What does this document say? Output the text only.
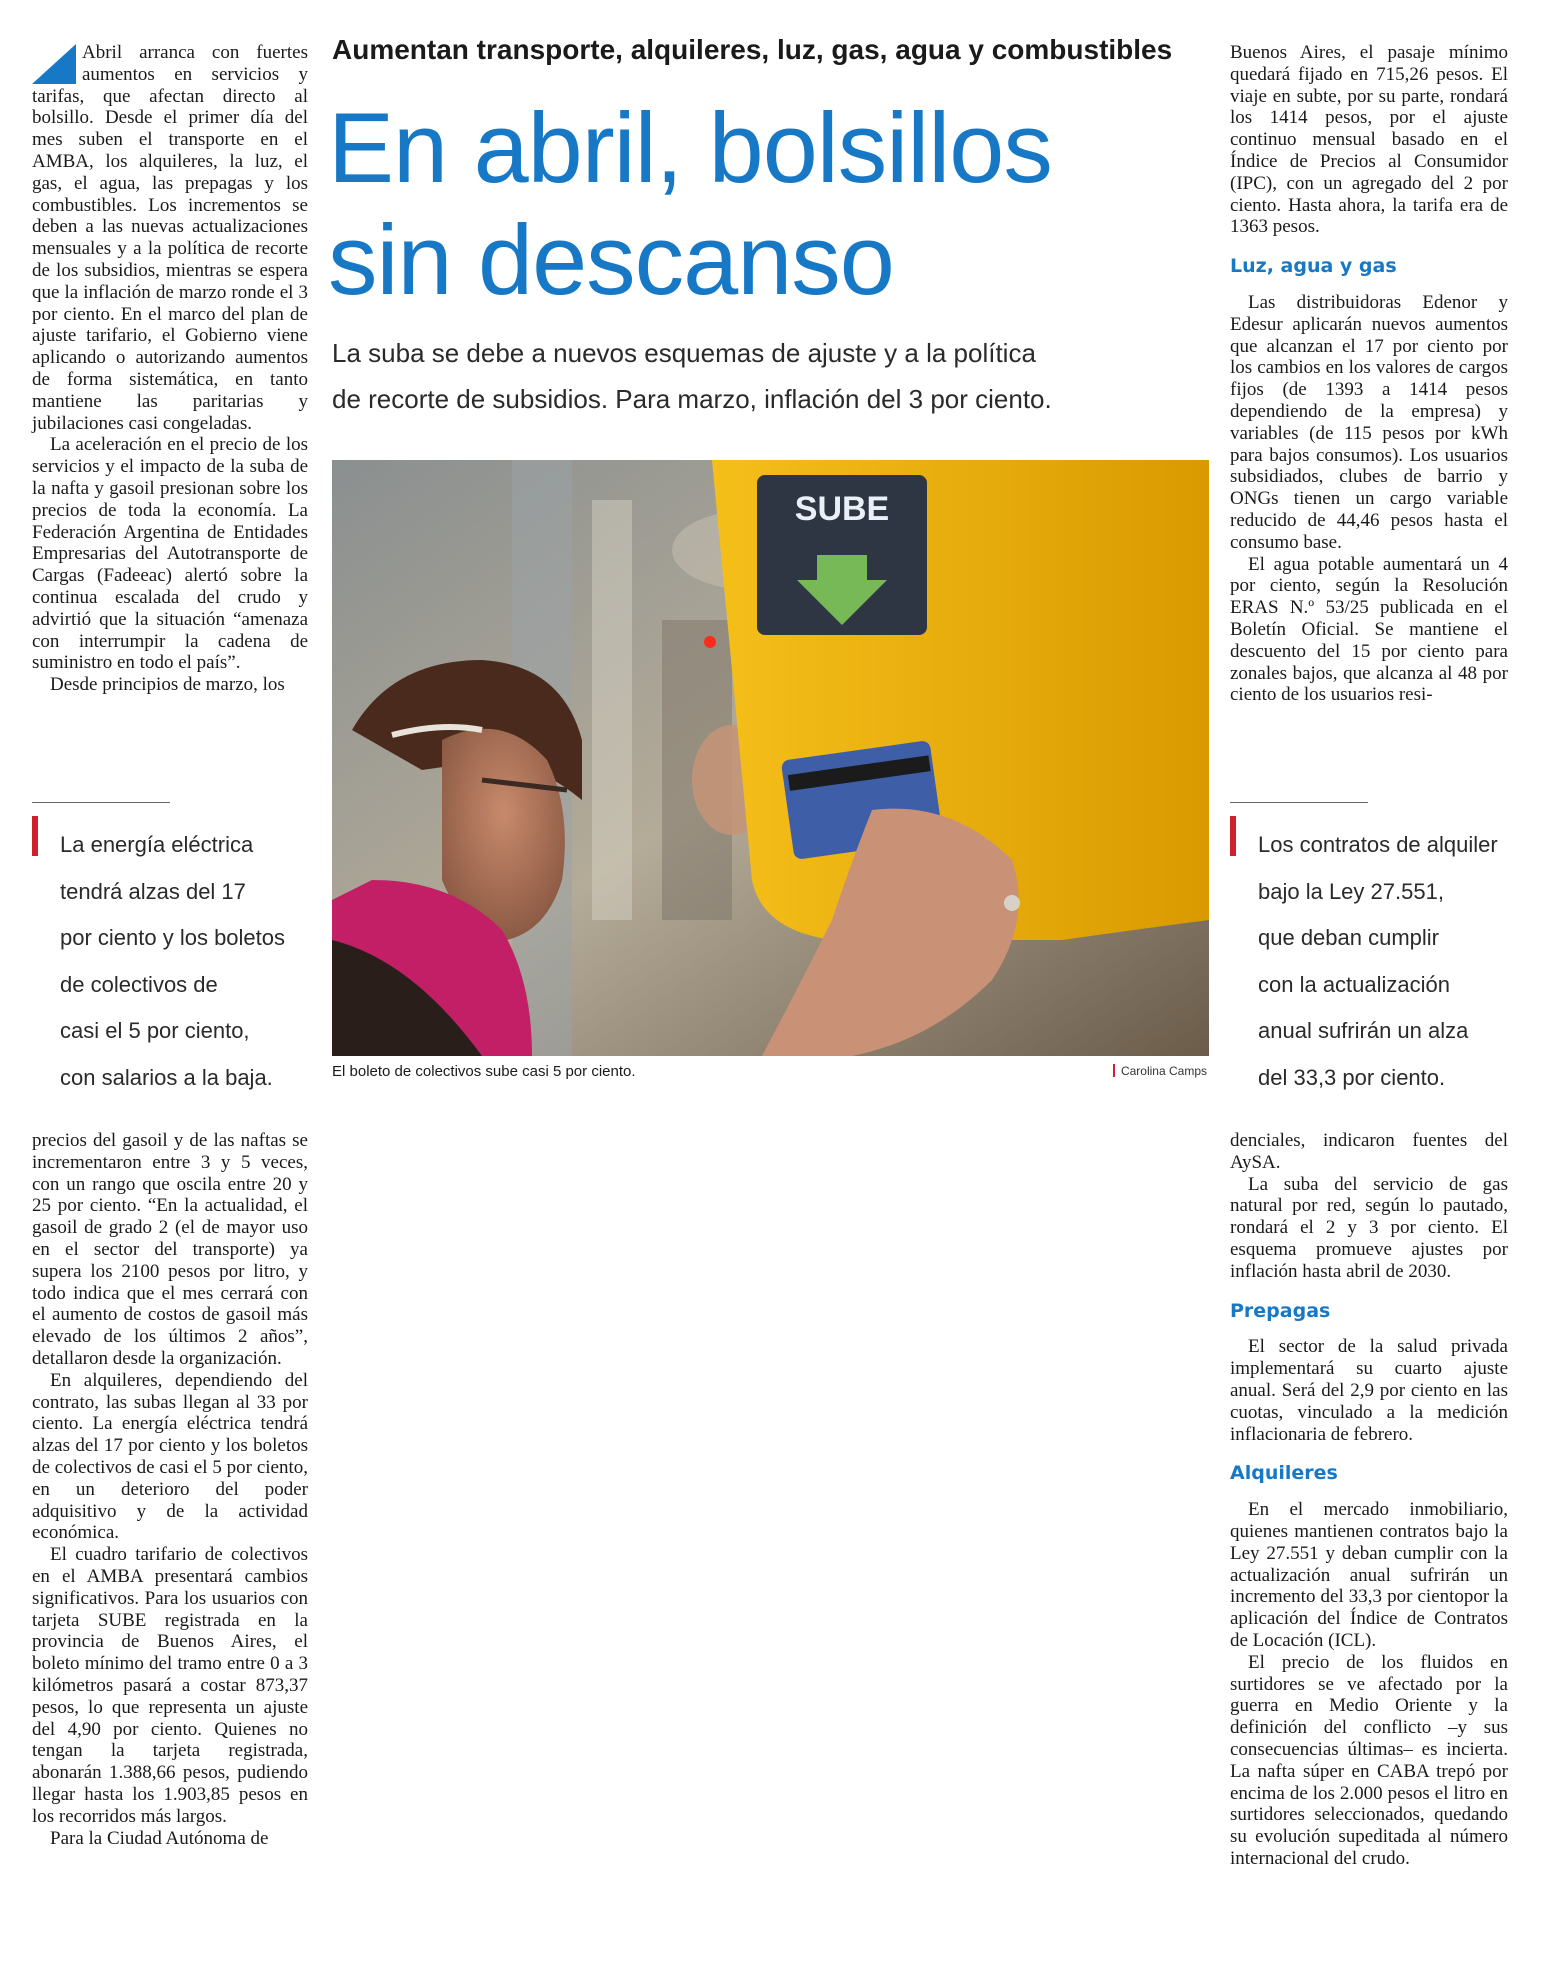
Abril arranca con fuertes aumentos en servicios y tarifas, que afectan directo al bolsillo. Desde el primer día del mes suben el transporte en el AMBA, los alquileres, la luz, el gas, el agua, las prepagas y los combustibles. Los incrementos se deben a las nuevas actualizaciones mensuales y a la política de recorte de los subsidios, mientras se espera que la inflación de marzo ronde el 3 por ciento. En el marco del plan de ajuste tarifario, el Gobierno viene aplicando o autorizando aumentos de forma sistemática, en tanto mantiene las paritarias y jubilaciones casi congeladas.

La aceleración en el precio de los servicios y el impacto de la suba de la nafta y gasoil presionan sobre los precios de toda la economía. La Federación Argentina de Entidades Empresarias del Autotransporte de Cargas (Fadeeac) alertó sobre la continua escalada del crudo y advirtió que la situación “amenaza con interrumpir la cadena de suministro en todo el país”.

Desde principios de marzo, los

La energía eléctrica
tendrá alzas del 17
por ciento y los boletos
de colectivos de
casi el 5 por ciento,
con salarios a la baja.

precios del gasoil y de las naftas se incrementaron entre 3 y 5 veces, con un rango que oscila entre 20 y 25 por ciento. “En la actualidad, el gasoil de grado 2 (el de mayor uso en el sector del transporte) ya supera los 2100 pesos por litro, y todo indica que el mes cerrará con el aumento de costos de gasoil más elevado de los últimos 2 años”, detallaron desde la organización.

En alquileres, dependiendo del contrato, las subas llegan al 33 por ciento. La energía eléctrica tendrá alzas del 17 por ciento y los boletos de colectivos de casi el 5 por ciento, en un deterioro del poder adquisitivo y de la actividad económica.

El cuadro tarifario de colectivos en el AMBA presentará cambios significativos. Para los usuarios con tarjeta SUBE registrada en la provincia de Buenos Aires, el boleto mínimo del tramo entre 0 a 3 kilómetros pasará a costar 873,37 pesos, lo que representa un ajuste del 4,90 por ciento. Quienes no tengan la tarjeta registrada, abonarán 1.388,66 pesos, pudiendo llegar hasta los 1.903,85 pesos en los recorridos más largos.

Para la Ciudad Autónoma de

Aumentan transporte, alquileres, luz, gas, agua y combustibles
En abril, bolsillos
sin descanso

La suba se debe a nuevos esquemas de ajuste y a la política
de recorte de subsidios. Para marzo, inflación del 3 por ciento.

SUBE
El boleto de colectivos sube casi 5 por ciento.	Carolina Camps

Buenos Aires, el pasaje mínimo quedará fijado en 715,26 pesos. El viaje en subte, por su parte, rondará los 1414 pesos, por el ajuste continuo mensual basado en el Índice de Precios al Consumidor (IPC), con un agregado del 2 por ciento. Hasta ahora, la tarifa era de 1363 pesos.

Luz, agua y gas

Las distribuidoras Edenor y Edesur aplicarán nuevos aumentos que alcanzan el 17 por ciento por los cambios en los valores de cargos fijos (de 1393 a 1414 pesos dependiendo de la empresa) y variables (de 115 pesos por kWh para bajos consumos). Los usuarios subsidiados, clubes de barrio y ONGs tienen un cargo variable reducido de 44,46 pesos hasta el consumo base.

El agua potable aumentará un 4 por ciento, según la Resolución ERAS N.º 53/25 publicada en el Boletín Oficial. Se mantiene el descuento del 15 por ciento para zonales bajos, que alcanza al 48 por ciento de los usuarios resi-

Los contratos de alquiler
bajo la Ley 27.551,
que deban cumplir
con la actualización
anual sufrirán un alza
del 33,3 por ciento.

denciales, indicaron fuentes del AySA.

La suba del servicio de gas natural por red, según lo pautado, rondará el 2 y 3 por ciento. El esquema promueve ajustes por inflación hasta abril de 2030.

Prepagas

El sector de la salud privada implementará su cuarto ajuste anual. Será del 2,9 por ciento en las cuotas, vinculado a la medición inflacionaria de febrero.

Alquileres

En el mercado inmobiliario, quienes mantienen contratos bajo la Ley 27.551 y deban cumplir con la actualización anual sufrirán un incremento del 33,3 por cientopor la aplicación del Índice de Contratos de Locación (ICL).

El precio de los fluidos en surtidores se ve afectado por la guerra en Medio Oriente y la definición del conflicto –y sus consecuencias últimas– es incierta. La nafta súper en CABA trepó por encima de los 2.000 pesos el litro en surtidores seleccionados, quedando su evolución supeditada al número internacional del crudo.
